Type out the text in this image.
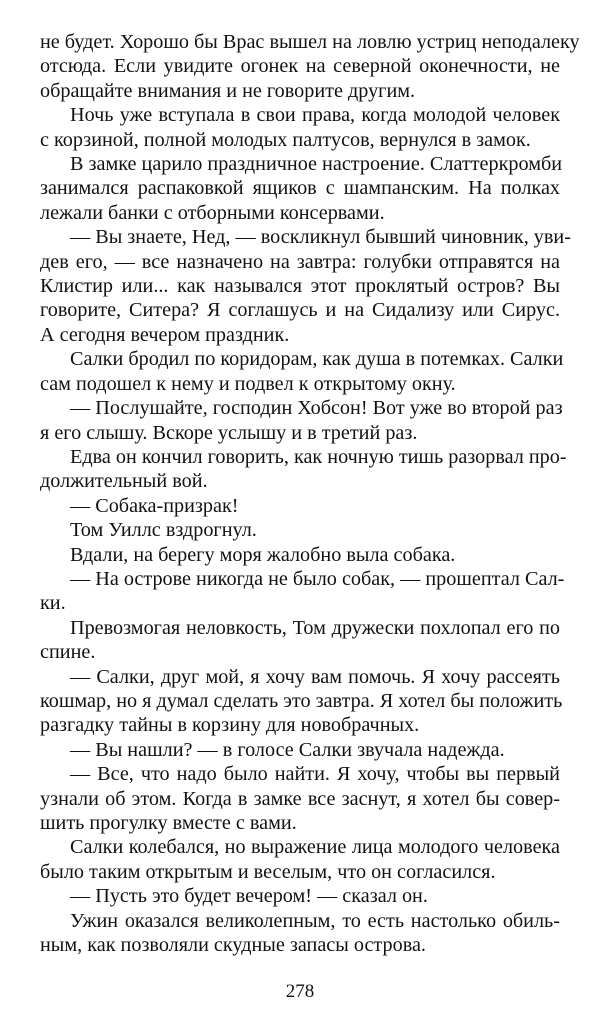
не будет. Хорошо бы Врас вышел на ловлю устриц неподалеку
отсюда. Если увидите огонек на северной оконечности, не
обращайте внимания и не говорите другим.
Ночь уже вступала в свои права, когда молодой человек
с корзиной, полной молодых палтусов, вернулся в замок.
В замке царило праздничное настроение. Слаттеркромби
занимался распаковкой ящиков с шампанским. На полках
лежали банки с отборными консервами.
— Вы знаете, Нед, — воскликнул бывший чиновник, уви-
дев его, — все назначено на завтра: голубки отправятся на
Клистир или... как назывался этот проклятый остров? Вы
говорите, Ситера? Я соглашусь и на Сидализу или Сирус.
А сегодня вечером праздник.
Салки бродил по коридорам, как душа в потемках. Салки
сам подошел к нему и подвел к открытому окну.
— Послушайте, господин Хобсон! Вот уже во второй раз
я его слышу. Вскоре услышу и в третий раз.
Едва он кончил говорить, как ночную тишь разорвал про-
должительный вой.
— Собака-призрак!
Том Уиллс вздрогнул.
Вдали, на берегу моря жалобно выла собака.
— На острове никогда не было собак, — прошептал Сал-
ки.
Превозмогая неловкость, Том дружески похлопал его по
спине.
— Салки, друг мой, я хочу вам помочь. Я хочу рассеять
кошмар, но я думал сделать это завтра. Я хотел бы положить
разгадку тайны в корзину для новобрачных.
— Вы нашли? — в голосе Салки звучала надежда.
— Все, что надо было найти. Я хочу, чтобы вы первый
узнали об этом. Когда в замке все заснут, я хотел бы совер-
шить прогулку вместе с вами.
Салки колебался, но выражение лица молодого человека
было таким открытым и веселым, что он согласился.
— Пусть это будет вечером! — сказал он.
Ужин оказался великолепным, то есть настолько обиль-
ным, как позволяли скудные запасы острова.
278
